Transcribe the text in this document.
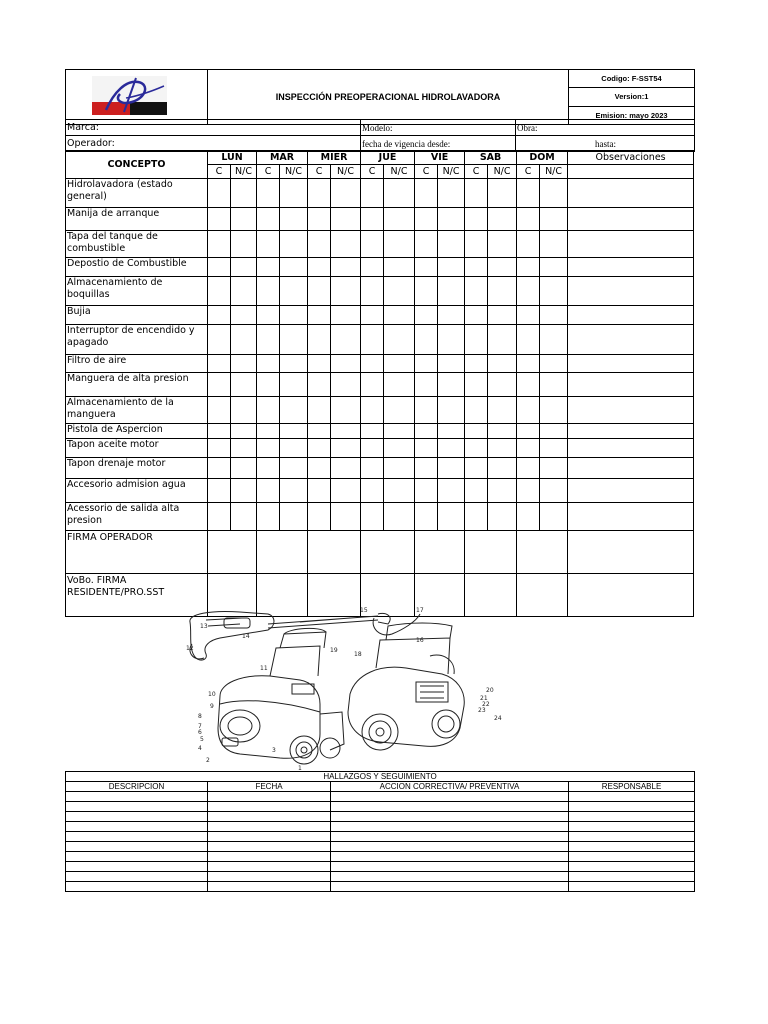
	INSPECCIÓN PREOPERACIONAL HIDROLAVADORA	Codigo: F-SST54
Version:1
Emision: mayo 2023
Marca:	Modelo:	Obra:
Operador:	fecha de vigencia desde:	hasta:
CONCEPTO	LUN		MAR		MIER		JUE		VIE		SAB		DOM		Observaciones
	C	N/C	C	N/C	C	N/C	C	N/C	C	N/C	C	N/C	C	N/C	
Hidrolavadora (estado general)															
Manija de arranque															
Tapa del tanque de combustible															
Depostio de Combustible															
Almacenamiento de boquillas															
Bujia															
Interruptor de encendido y apagado															
Filtro de aire															
Manguera de alta presion															
Almacenamiento de la manguera															
Pistola de Aspercion															
Tapon aceite motor															
Tapon drenaje motor															
Accesorio admision agua															
Acessorio de salida alta presion															
FIRMA OPERADOR															
VoBo. FIRMA RESIDENTE/PRO.SST															
1
2
3
4
5
6
7
8
9
10
11
12
13
14
15
16
17
18
19
20
21
22
23
24
HALLAZGOS Y SEGUIMIENTO			
DESCRIPCION	FECHA	ACCION CORRECTIVA/ PREVENTIVA	RESPONSABLE
